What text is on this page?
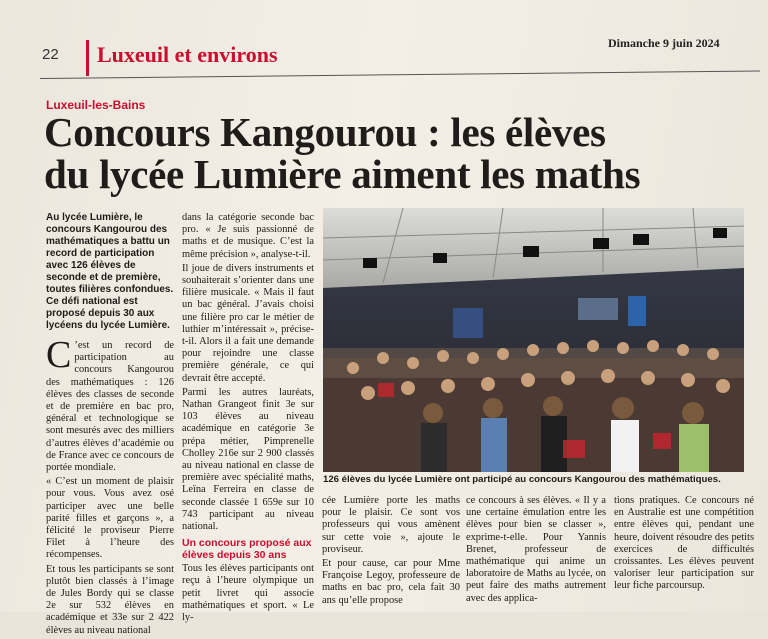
22 Luxeuil et environs	Dimanche 9 juin 2024
Luxeuil-les-Bains
Concours Kangourou : les élèves
du lycée Lumière aiment les maths

Au lycée Lumière, le concours Kangourou des mathématiques a battu un record de participation avec 126 élèves de seconde et de première, toutes filières confondues. Ce défi national est proposé depuis 30 aux lycéens du lycée Lumière.

C ’est un record de participation au concours Kangourou des mathématiques : 126 élèves des classes de seconde et de première en bac pro, général et technologique se sont mesurés avec des milliers d’autres élèves d’académie ou de France avec ce concours de portée mondiale.

« C’est un moment de plaisir pour vous. Vous avez osé participer avec une belle parité filles et garçons », a félicité le proviseur Pierre Filet à l’heure des récompenses.

Et tous les participants se sont plutôt bien classés à l’image de Jules Bordy qui se classe 2e sur 532 élèves en académique et 33e sur 2 422 élèves au niveau national

dans la catégorie seconde bac pro. « Je suis passionné de maths et de musique. C’est la même précision », analyse-t-il.

Il joue de divers instruments et souhaiterait s’orienter dans une filière musicale. « Mais il faut un bac général. J’avais choisi une filière pro car le métier de luthier m’intéressait », précise-t-il. Alors il a fait une demande pour rejoindre une classe première générale, ce qui devrait être accepté.

Parmi les autres lauréats, Nathan Grangeot finit 3e sur 103 élèves au niveau académique en catégorie 3e prépa métier, Pimprenelle Cholley 216e sur 2 900 classés au niveau national en classe de première avec spécialité maths, Leïna Ferreira en classe de seconde classée 1 659e sur 10 743 participant au niveau national.

Un concours proposé aux élèves depuis 30 ans

Tous les élèves participants ont reçu à l’heure olympique un petit livret qui associe mathématiques et sport. « Le ly-

126 élèves du lycée Lumière ont participé au concours Kangourou des mathématiques.

cée Lumière porte les maths pour le plaisir. Ce sont vos professeurs qui vous amènent sur cette voie », ajoute le proviseur.

Et pour cause, car pour Mme Françoise Legoy, professeure de maths en bac pro, cela fait 30 ans qu’elle propose

ce concours à ses élèves. « Il y a une certaine émulation entre les élèves pour bien se classer », exprime-t-elle. Pour Yannis Brenet, professeur de mathématique qui anime un laboratoire de Maths au lycée, on peut faire des maths autrement avec des applica-

tions pratiques. Ce concours né en Australie est une compétition entre élèves qui, pendant une heure, doivent résoudre des petits exercices de difficultés croissantes. Les élèves peuvent valoriser leur participation sur leur fiche parcoursup.
